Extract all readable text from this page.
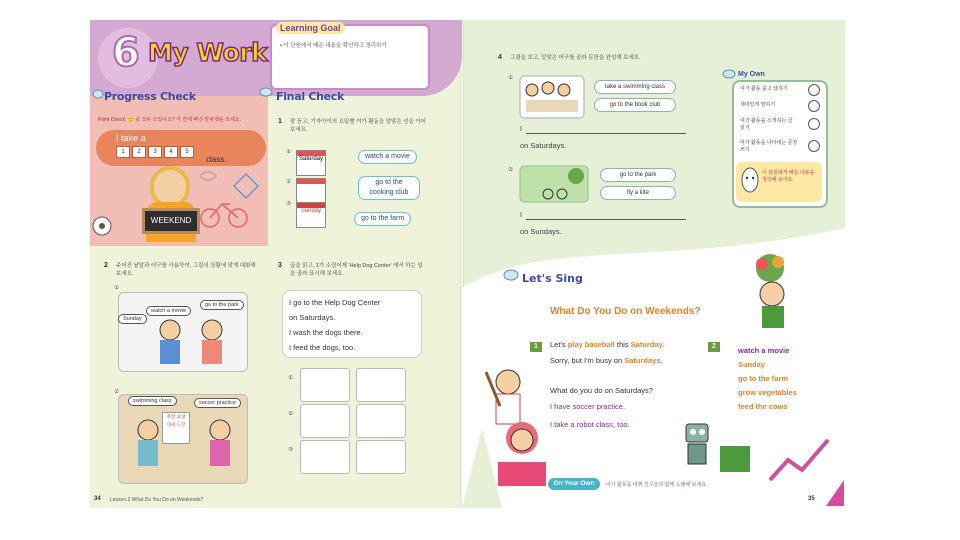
6 My Work
Learning Goal
• 이 단원에서 배운 내용을 확인하고 정리하기
Progress Check
Point Check: 🙂 를 모두 모았나요? 각 칸에 빠진 알파벳을 쓰세요.
I take a
1	2	3	4	5
class.
WEEKEND
Final Check
1 잘 듣고, 기자아이의 요일별 여가 활동을 알맞은 선을 이어 보세요.
①
Saturday	watch a movie
②	go to the cooking club
③
Sunday
go to the farm
2 주어진 낱말과 어구를 사용하여, 그림의 상황에 맞게 대화해 보세요.
①
watch a movie
go to the park
Sunday
②
swimming class	soccer practice
주간 요일
태권 도장
3 글을 읽고, 1가 소질어제 'Help Dog Center' 에서 하는 일을 골라 표시해 보세요.
I go to the Help Dog Center
on Saturdays.
I wash the dogs there.
I feed the dogs, too.
①
②
③
34 Lesson 2 What Do You Do on Weekends?
4 그림을 보고, 알맞은 어구를 골라 문장을 완성해 보세요.
①
take a swimming class
go to the book club
I
on Saturdays.
②
go to the park
fly a kite
I
on Sundays.
My Own
여가 활동 묻고 답하기
재미있게 말하기
여가 활동을 소개하는 글 읽기
여가 활동을 나타내는 문장 쓰기
이 단원에서 배운 내용을 정리해 보아요.
Let's Sing
What Do You Do on Weekends?
1	Let's play baseball this Saturday.
Sorry, but I'm busy on Saturdays.
What do you do on Saturdays?
I have soccer practice.
I take a robot class, too.
2	watch a movie
Sunday
go to the farm
grow vegetables
feed the cows
On Your Own	여가 활동을 바꿔 친구들과 함께 노래해 보세요.
35
